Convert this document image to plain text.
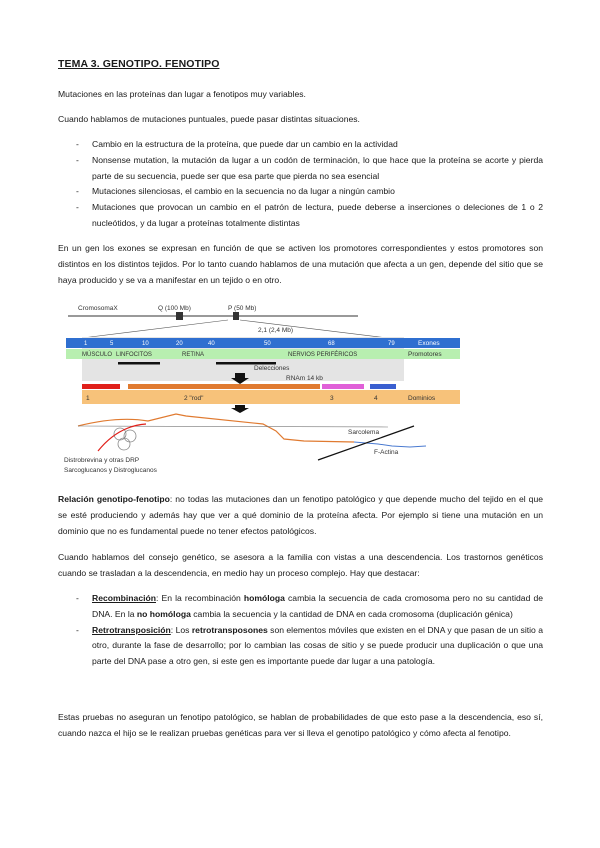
TEMA 3. GENOTIPO. FENOTIPO
Mutaciones en las proteínas dan lugar a fenotipos muy variables.
Cuando hablamos de mutaciones puntuales, puede pasar distintas situaciones.
- Cambio en la estructura de la proteína, que puede dar un cambio en la actividad
- Nonsense mutation, la mutación da lugar a un codón de terminación, lo que hace que la proteína se acorte y pierda parte de su secuencia, puede ser que esa parte que pierda no sea esencial
- Mutaciones silenciosas, el cambio en la secuencia no da lugar a ningún cambio
- Mutaciones que provocan un cambio en el patrón de lectura, puede deberse a inserciones o deleciones de 1 o 2 nucleótidos, y da lugar a proteínas totalmente distintas
En un gen los exones se expresan en función de que se activen los promotores correspondientes y estos promotores son distintos en los distintos tejidos. Por lo tanto cuando hablamos de una mutación que afecta a un gen, depende del sitio que se haya producido y se va a manifestar en un tejido o en otro.
CromosomaX	Q (100 Mb)	P (50 Mb)
2,1 (2,4 Mb)
1	5	10	20	40	50	68	79	Exones
MÚSCULO LINFOCITOS	RETINA	NERVIOS PERIFÉRICOS	Promotores
Delecciones
RNAm 14 kb
1	2 "rod"	3	4	Dominios
Sarcolema
F-Actina
Distrobrevina y otras DRP
Sarcoglucanos y Distroglucanos
Relación genotipo-fenotipo: no todas las mutaciones dan un fenotipo patológico y que depende mucho del tejido en el que se esté produciendo y además hay que ver a qué dominio de la proteína afecta. Por ejemplo si tiene una mutación en un dominio que no es fundamental puede no tener efectos patológicos.
Cuando hablamos del consejo genético, se asesora a la familia con vistas a una descendencia. Los trastornos genéticos cuando se trasladan a la descendencia, en medio hay un proceso complejo. Hay que destacar:
- Recombinación: En la recombinación homóloga cambia la secuencia de cada cromosoma pero no su cantidad de DNA. En la no homóloga cambia la secuencia y la cantidad de DNA en cada cromosoma (duplicación génica)
- Retrotransposición: Los retrotransposones son elementos móviles que existen en el DNA y que pasan de un sitio a otro, durante la fase de desarrollo; por lo cambian las cosas de sitio y se puede producir una duplicación o que una parte del DNA pase a otro gen, si este gen es importante puede dar lugar a una patología.
Estas pruebas no aseguran un fenotipo patológico, se hablan de probabilidades de que esto pase a la descendencia, eso sí, cuando nazca el hijo se le realizan pruebas genéticas para ver si lleva el genotipo patológico y cómo afecta al fenotipo.
